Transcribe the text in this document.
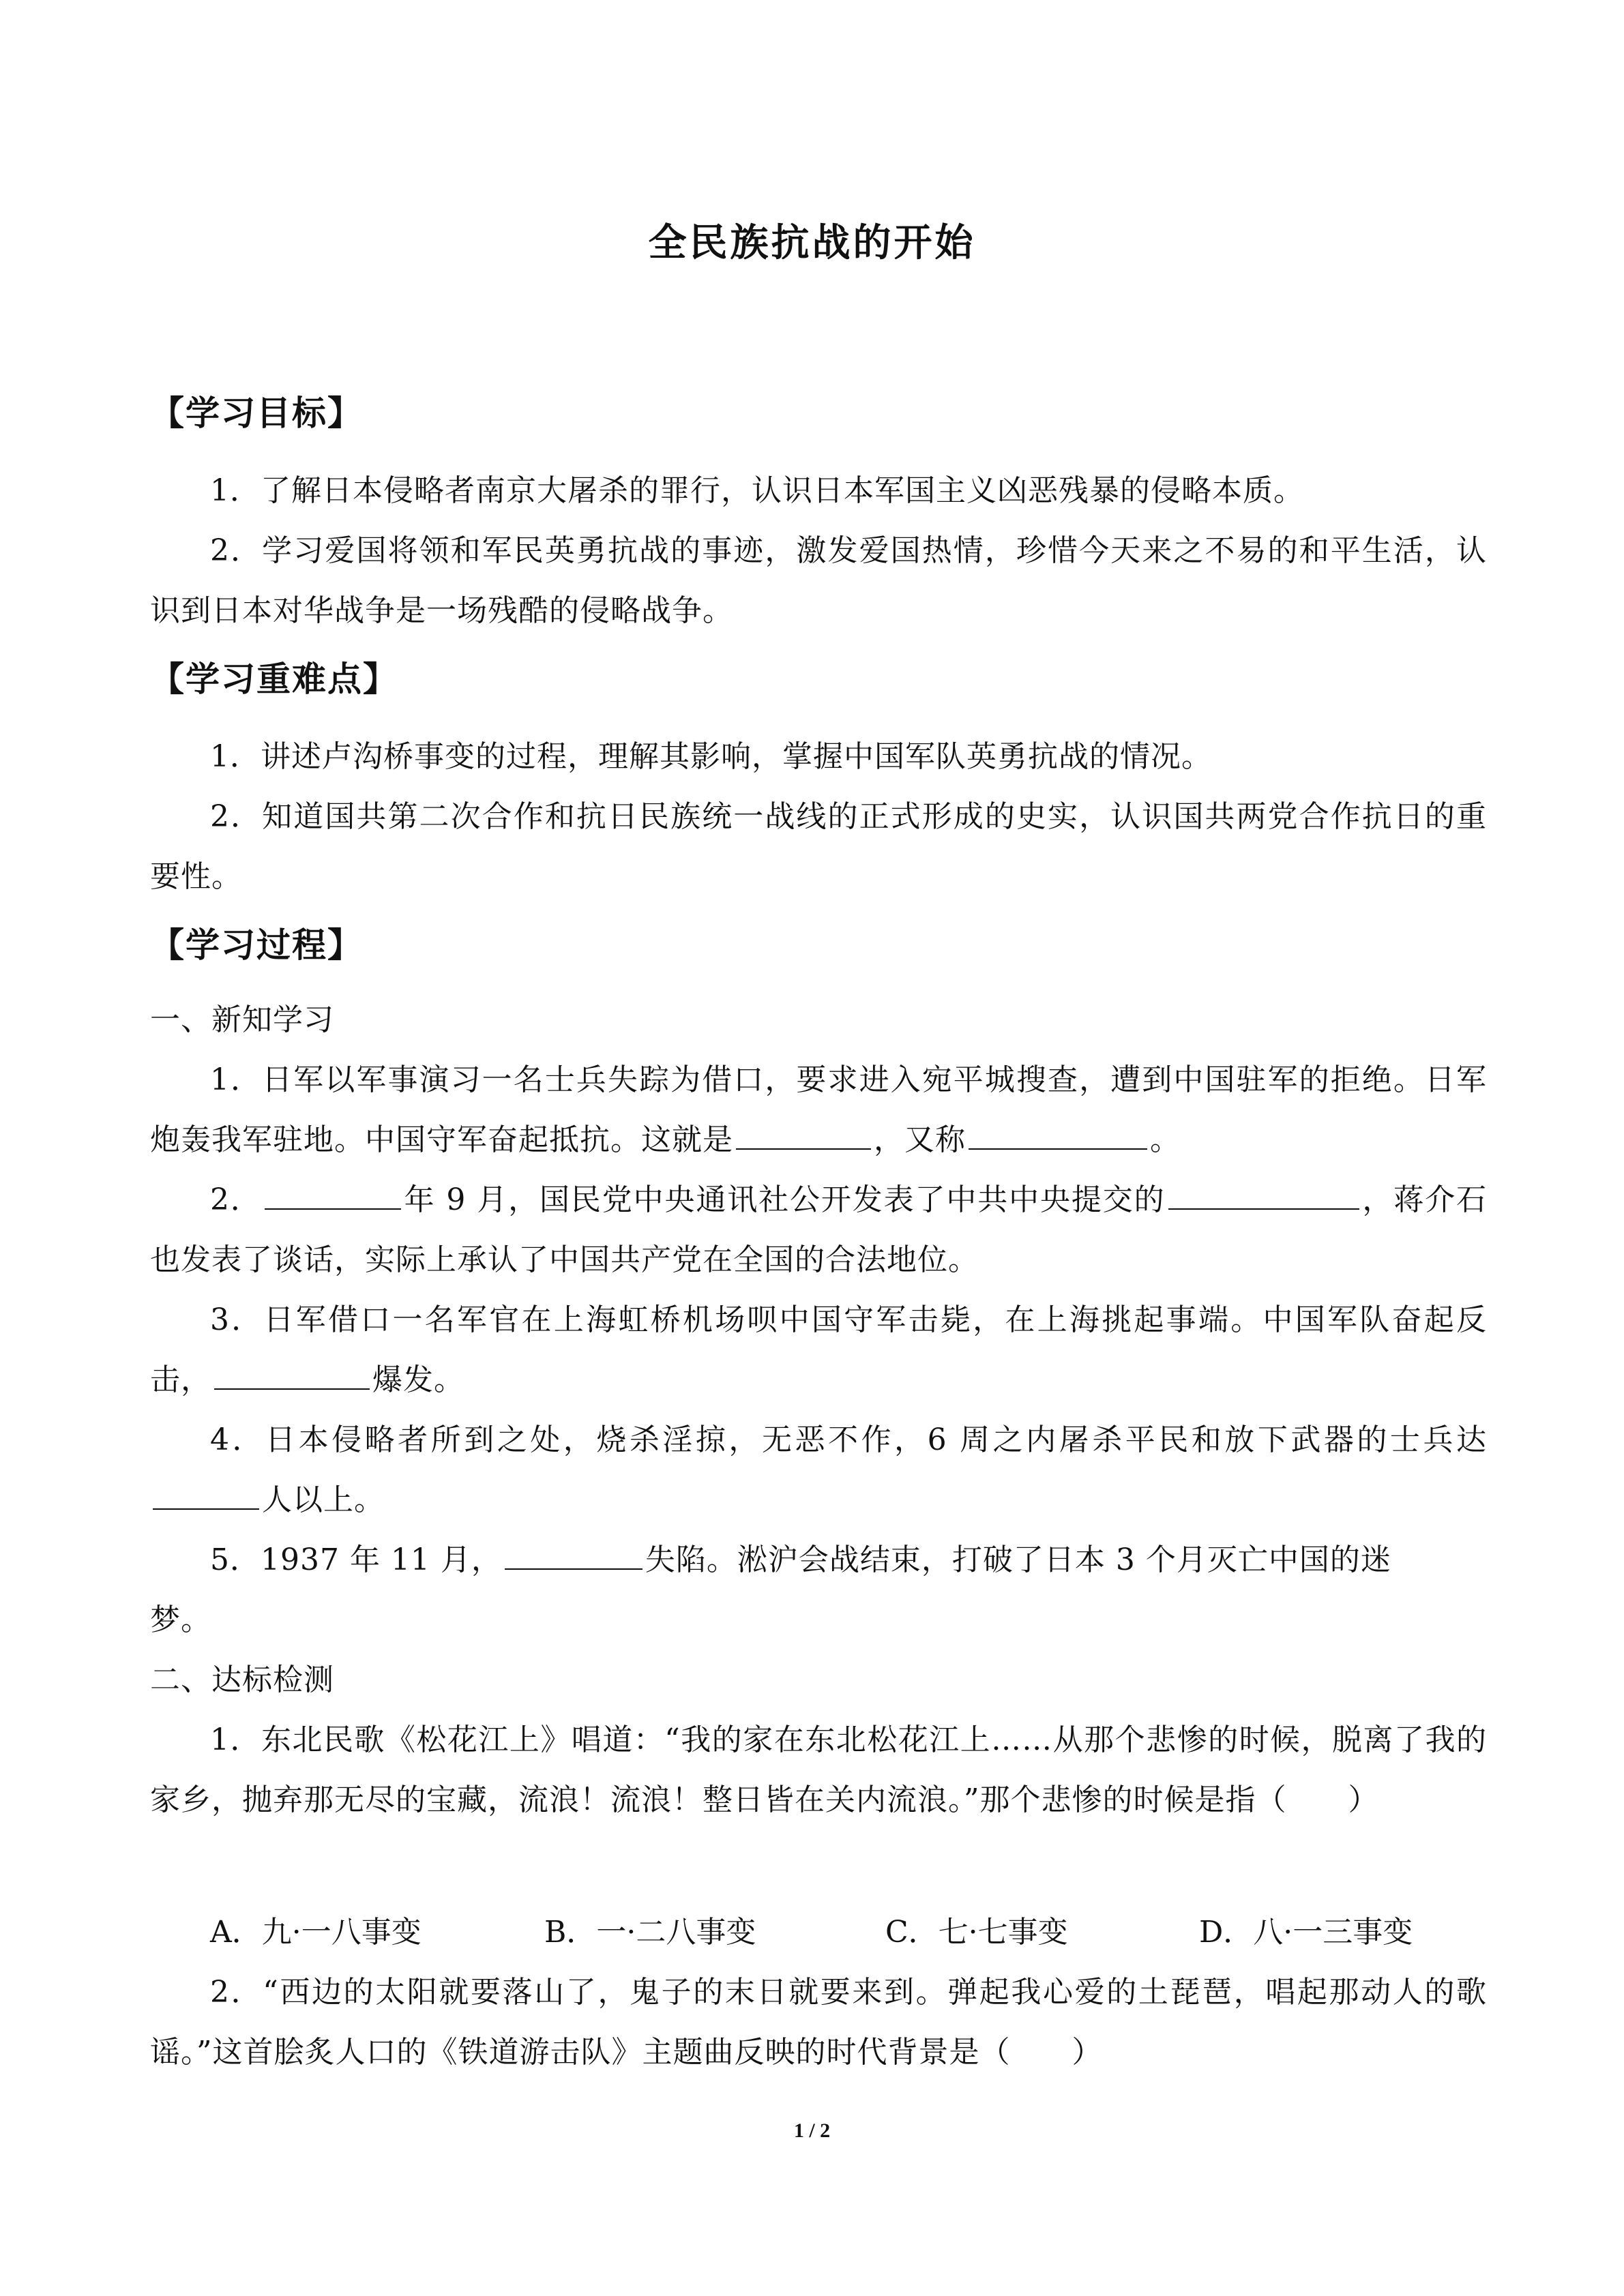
全民族抗战的开始
【学习目标】

1．了解日本侵略者南京大屠杀的罪行，认识日本军国主义凶恶残暴的侵略本质。

2．学习爱国将领和军民英勇抗战的事迹，激发爱国热情，珍惜今天来之不易的和平生活，认识到日本对华战争是一场残酷的侵略战争。

【学习重难点】

1．讲述卢沟桥事变的过程，理解其影响，掌握中国军队英勇抗战的情况。

2．知道国共第二次合作和抗日民族统一战线的正式形成的史实，认识国共两党合作抗日的重要性。

【学习过程】

一、新知学习

1．日军以军事演习一名士兵失踪为借口，要求进入宛平城搜查，遭到中国驻军的拒绝。日军炮轰我军驻地。中国守军奋起抵抗。这就是	，又称	。

2．	年 9 月，国民党中央通讯社公开发表了中共中央提交的	，蒋介石也发表了谈话，实际上承认了中国共产党在全国的合法地位。

3．日军借口一名军官在上海虹桥机场呗中国守军击毙，在上海挑起事端。中国军队奋起反击，	爆发。

4．日本侵略者所到之处，烧杀淫掠，无恶不作，6 周之内屠杀平民和放下武器的士兵达人以上。

5．1937 年 11 月，	失陷。淞沪会战结束，打破了日本 3 个月灭亡中国的迷

梦。

二、达标检测

1．东北民歌《松花江上》唱道：“我的家在东北松花江上……从那个悲惨的时候，脱离了我的家乡，抛弃那无尽的宝藏，流浪！流浪！整日皆在关内流浪。”那个悲惨的时候是指（　　）

A．九·一八事变	B．一·二八事变	C．七·七事变	D．八·一三事变

2．“西边的太阳就要落山了，鬼子的末日就要来到。弹起我心爱的土琵琶，唱起那动人的歌谣。”这首脍炙人口的《铁道游击队》主题曲反映的时代背景是（　　）

1 / 2
